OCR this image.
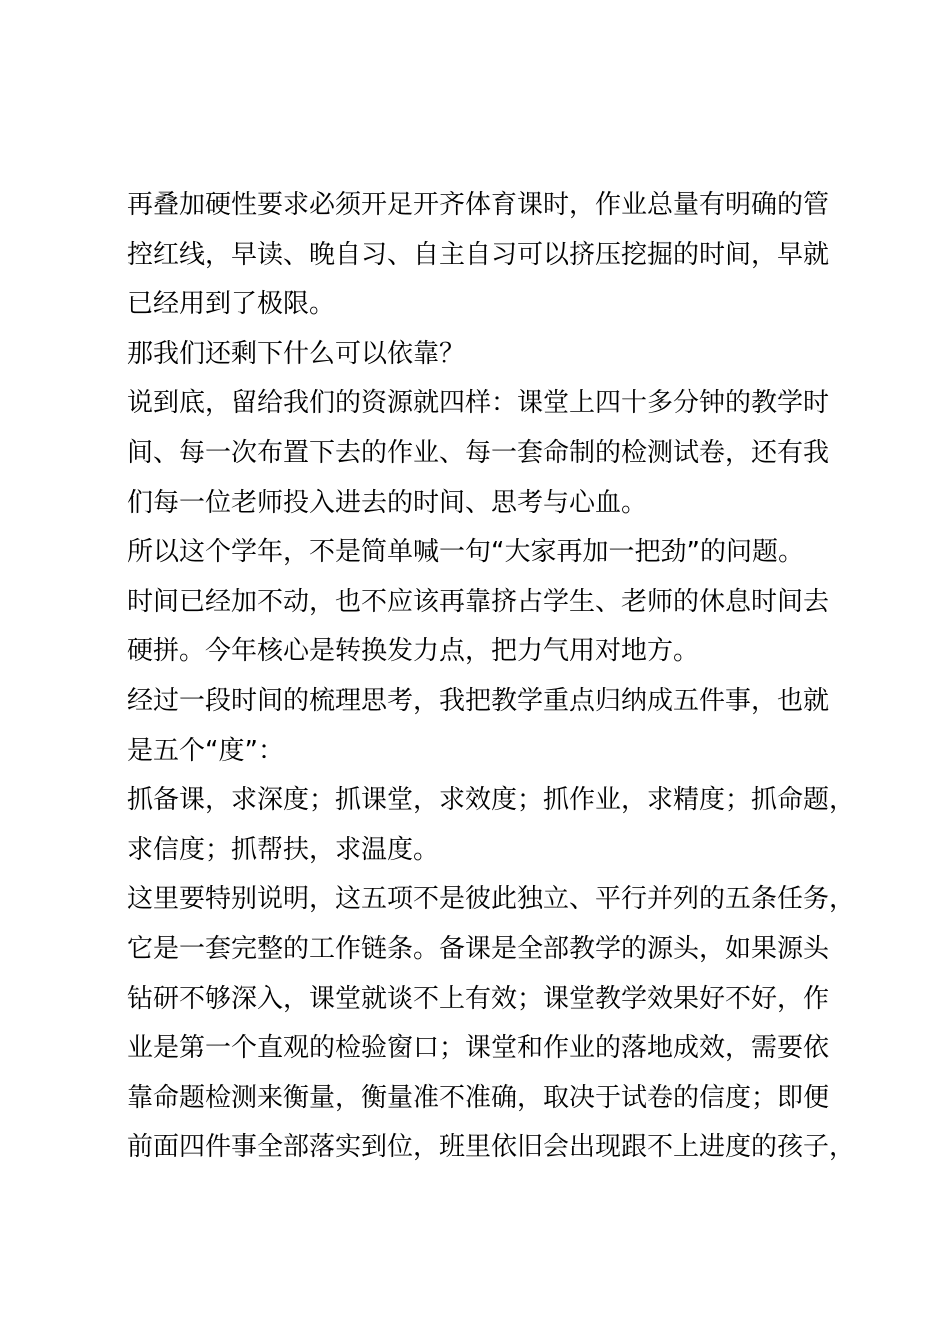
再叠加硬性要求必须开足开齐体育课时，作业总量有明确的管
控红线，早读、晚自习、自主自习可以挤压挖掘的时间，早就
已经用到了极限。
那我们还剩下什么可以依靠？
说到底，留给我们的资源就四样：课堂上四十多分钟的教学时
间、每一次布置下去的作业、每一套命制的检测试卷，还有我
们每一位老师投入进去的时间、思考与心血。
所以这个学年，不是简单喊一句“大家再加一把劲”的问题。
时间已经加不动，也不应该再靠挤占学生、老师的休息时间去
硬拼。今年核心是转换发力点，把力气用对地方。
经过一段时间的梳理思考，我把教学重点归纳成五件事，也就
是五个“度”：
抓备课，求深度；抓课堂，求效度；抓作业，求精度；抓命题，
求信度；抓帮扶，求温度。
这里要特别说明，这五项不是彼此独立、平行并列的五条任务，
它是一套完整的工作链条。备课是全部教学的源头，如果源头
钻研不够深入，课堂就谈不上有效；课堂教学效果好不好，作
业是第一个直观的检验窗口；课堂和作业的落地成效，需要依
靠命题检测来衡量，衡量准不准确，取决于试卷的信度；即便
前面四件事全部落实到位，班里依旧会出现跟不上进度的孩子，
